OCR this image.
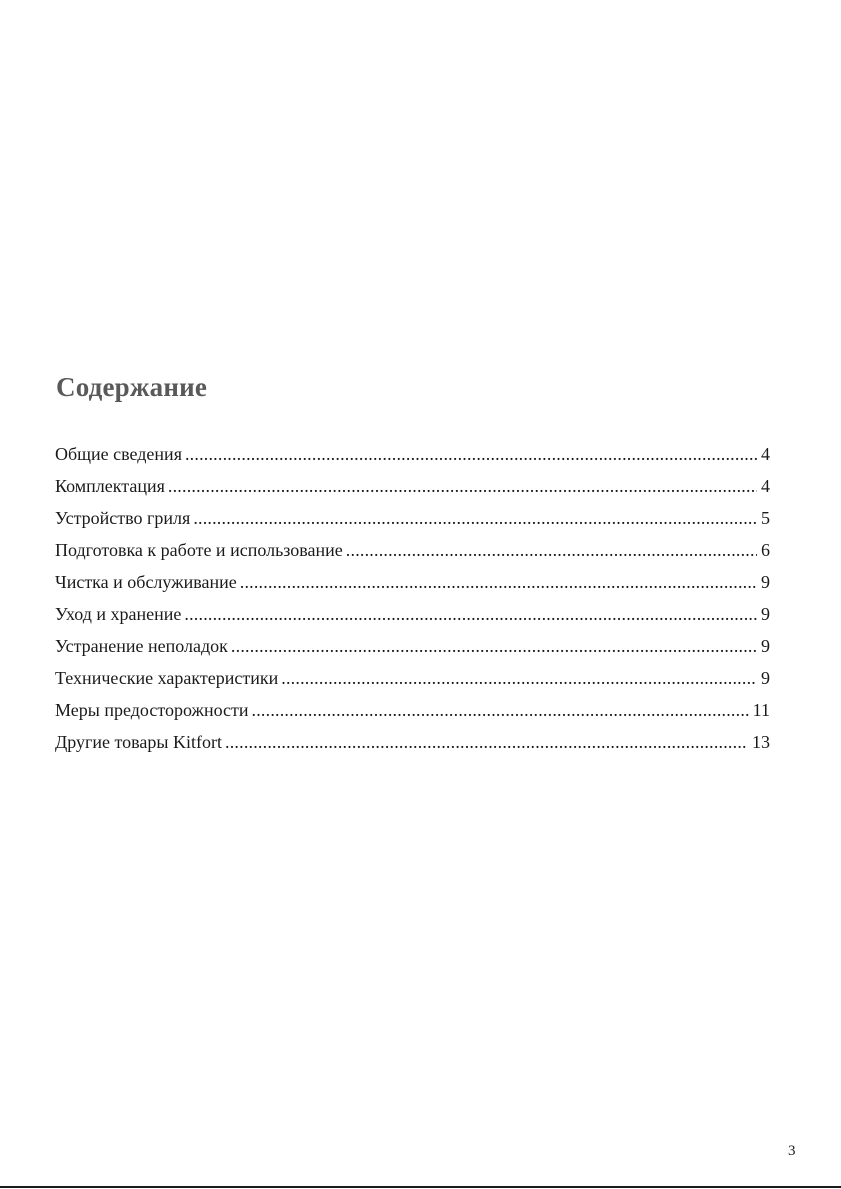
Содержание
Общие сведения .....	4
Комплектация .....	4
Устройство гриля .....	5
Подготовка к работе и использование .....	6
Чистка и обслуживание .....	9
Уход и хранение .....	9
Устранение неполадок .....	9
Технические характеристики .....	9
Меры предосторожности .....	11
Другие товары Kitfort .....	13
3
